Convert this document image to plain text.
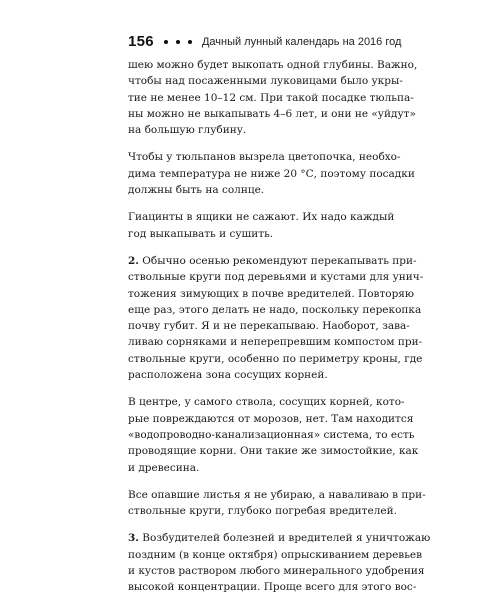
156	Дачный лунный календарь на 2016 год

шею можно будет выкопать одной глубины. Важно,
чтобы над посаженными луковицами было укры-
тие не менее 10–12 см. При такой посадке тюльпа-
ны можно не выкапывать 4–6 лет, и они не «уйдут»
на большую глубину.

Чтобы у тюльпанов вызрела цветопочка, необхо-
дима температура не ниже 20 °С, поэтому посадки
должны быть на солнце.

Гиацинты в ящики не сажают. Их надо каждый
год выкапывать и сушить.

2. Обычно осенью рекомендуют перекапывать при-
ствольные круги под деревьями и кустами для унич-
тожения зимующих в почве вредителей. Повторяю
еще раз, этого делать не надо, поскольку перекопка
почву губит. Я и не перекапываю. Наоборот, зава-
ливаю сорняками и неперепревшим компостом при-
ствольные круги, особенно по периметру кроны, где
расположена зона сосущих корней.

В центре, у самого ствола, сосущих корней, кото-
рые повреждаются от морозов, нет. Там находится
«водопроводно-канализационная» система, то есть
проводящие корни. Они такие же зимостойкие, как
и древесина.

Все опавшие листья я не убираю, а наваливаю в при-
ствольные круги, глубоко погребая вредителей.

3. Возбудителей болезней и вредителей я уничтожаю
поздним (в конце октября) опрыскиванием деревьев
и кустов раствором любого минерального удобрения
высокой концентрации. Проще всего для этого вос-
